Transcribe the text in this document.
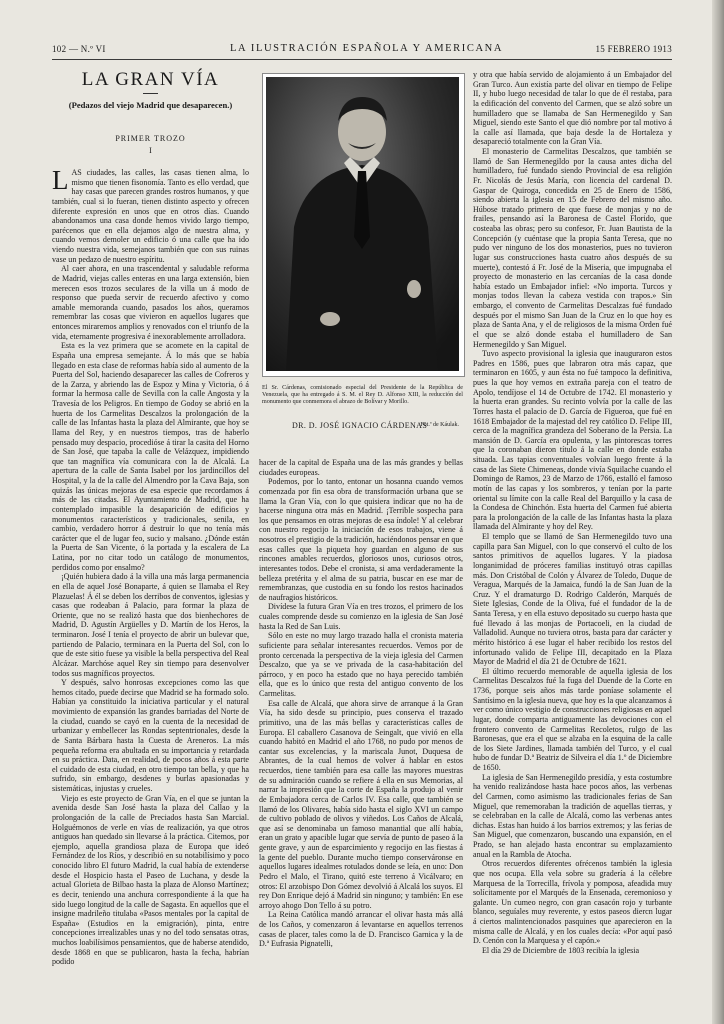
102 — N.º VI	LA ILUSTRACIÓN ESPAÑOLA Y AMERICANA	15 FEBRERO 1913
LA GRAN VÍA
(Pedazos del viejo Madrid que desaparecen.)
PRIMER TROZO
I

LAS ciudades, las calles, las casas tienen alma, lo mismo que tienen fisonomía. Tanto es ello verdad, que hay casas que parecen grandes rostros humanos, y que también, cual si lo fueran, tienen distinto aspecto y ofrecen diferente expresión en unos que en otros días. Cuando abandonamos una casa donde hemos vivido largo tiempo, parécenos que en ella dejamos algo de nuestra alma, y cuando vemos demoler un edificio ó una calle que ha ido viendo nuestra vida, semejanos también que con sus ruinas vase un pedazo de nuestro espíritu.

Al caer ahora, en una trascendental y saludable reforma de Madrid, viejas calles enteras en una larga extensión, bien merecen esos trozos seculares de la villa un á modo de responso que pueda servir de recuerdo afectivo y como amable memoranda cuando, pasados los años, queramos remembrar las cosas que vivieron en aquellos lugares que entonces miraremos amplios y renovados con el triunfo de la vida, eternamente progresiva é inexorablemente arrolladora.

Esta es la vez primera que se acomete en la capital de España una empresa semejante. Á lo más que se había llegado en esta clase de reformas había sido al aumento de la Puerta del Sol, haciendo desaparecer las calles de Cofreros y de la Zarza, y abriendo las de Espoz y Mina y Victoria, ó á formar la hermosa calle de Sevilla con la calle Angosta y la Travesía de los Peligros. En tiempo de Godoy se abrió en la huerta de los Carmelitas Descalzos la prolongación de la calle de las Infantas hasta la plaza del Almirante, que hoy se llama del Rey, y en nuestros tiempos, tras de haberlo pensado muy despacio, procedióse á tirar la casita del Horno de San José, que tapaba la calle de Velázquez, impidiendo que tan magnífica vía comunicara con la de Alcalá. La apertura de la calle de Santa Isabel por los jardincillos del Hospital, y la de la calle del Almendro por la Cava Baja, son quizás las únicas mejoras de esa especie que recordamos á más de las citadas. El Ayuntamiento de Madrid, que ha contemplado impasible la desaparición de edificios y monumentos característicos y tradicionales, senila, en cambio, verdadero horror á destruir lo que no tenía más carácter que el de lugar feo, sucio y malsano. ¿Dónde están la Puerta de San Vicente, ó la portada y la escalera de La Latina, por no citar todo un catálogo de monumentos, perdidos como por ensalmo?

¡Quién hubiera dado á la villa una más larga permanencia en ella de aquel José Bonaparte, á quien se llamaba el Rey Plazuelas! Á él se deben los derribos de conventos, iglesias y casas que rodeaban á Palacio, para formar la plaza de Oriente, que no se realizó hasta que dos bienhechores de Madrid, D. Agustín Argüelles y D. Martín de los Heros, la terminaron. José I tenía el proyecto de abrir un bulevar que, partiendo de Palacio, terminara en la Puerta del Sol, con lo que de este sitio fuese ya visible la bella perspectiva del Real Alcázar. Marchóse aquel Rey sin tiempo para desenvolver todos sus magníficos proyectos.

Y después, salvo honrosas excepciones como las que hemos citado, puede decirse que Madrid se ha formado solo. Habían ya constituido la iniciativa particular y el natural movimiento de expansión las grandes barriadas del Norte de la ciudad, cuando se cayó en la cuenta de la necesidad de urbanizar y embellecer las Rondas septentrionales, desde la de Santa Bárbara hasta la Cuesta de Areneros. La más pequeña reforma era abultada en su importancia y retardada en su práctica. Data, en realidad, de pocos años á esta parte el cuidado de esta ciudad, en otro tiempo tan bella, y que ha sufrido, sin embargo, desdenes y burlas apasionadas y sistemáticas, injustas y crueles.

Viejo es este proyecto de Gran Vía, en el que se juntan la avenida desde San José hasta la plaza del Callao y la prolongación de la calle de Preciados hasta San Marcial. Holguémonos de verle en vías de realización, ya que otros antiguos han quedado sin llevarse á la práctica. Citemos, por ejemplo, aquella grandiosa plaza de Europa que ideó Fernández de los Ríos, y describió en su notabilísimo y poco conocido libro El futuro Madrid, la cual había de extenderse desde el Hospicio hasta el Paseo de Luchana, y desde la actual Glorieta de Bilbao hasta la plaza de Alonso Martínez; es decir, teniendo una anchura correspondiente á la que ha sido luego longitud de la calle de Sagasta. En aquellos que el insigne madrileño titulaba «Pasos mentales por la capital de España» (Estudios en la emigración), pinta, entre concepciones irrealizables unas y no del todo sensatas otras, muchos loabilísimos pensamientos, que de haberse atendido, desde 1868 en que se publicaron, hasta la fecha, habrían podido

El Sr. Cárdenas, comisionado especial del Presidente de la República de Venezuela, que ha entregado á S. M. el Rey D. Alfonso XIII, la reducción del monumento que conmemora el abrazo de Bolívar y Morillo.
DR. D. JOSÉ IGNACIO CÁRDENAS
Fot.ª de Káulak.

hacer de la capital de España una de las más grandes y bellas ciudades europeas.

Podemos, por lo tanto, entonar un hosanna cuando vemos comenzada por fin esa obra de transformación urbana que se llama la Gran Vía, con lo que quisiera indicar que no ha de hacerse ninguna otra más en Madrid. ¡Terrible sospecha para los que pensamos en otras mejoras de esa índole! Y al celebrar con nuestro regocijo la iniciación de esos trabajos, viene á nosotros el prestigio de la tradición, haciéndonos pensar en que esas calles que la piqueta hoy guardan en alguno de sus rincones amables recuerdos, gloriosos unos, curiosos otros, interesantes todos. Debe el cronista, si ama verdaderamente la belleza pretérita y el alma de su patria, buscar en ese mar de remembranzas, que custodia en su fondo los restos hacinados de naufragios históricos.

Divídese la futura Gran Vía en tres trozos, el primero de los cuales comprende desde su comienzo en la iglesia de San José hasta la Red de San Luis.

Sólo en este no muy largo trazado halla el cronista materia suficiente para señalar interesantes recuerdos. Vemos por de pronto cercenada la perspectiva de la vieja iglesia del Carmen Descalzo, que ya se ve privada de la casa-habitación del párroco, y en poco ha estado que no haya perecido también ella, que es lo único que resta del antiguo convento de los Carmelitas.

Esa calle de Alcalá, que ahora sirve de arranque á la Gran Vía, ha sido desde su principio, pues conserva el trazado primitivo, una de las más bellas y características calles de Europa. El caballero Casanova de Seingalt, que vivió en ella cuando habitó en Madrid el año 1768, no pudo por menos de cantar sus excelencias, y la mariscala Junot, Duquesa de Abrantes, de la cual hemos de volver á hablar en estos recuerdos, tiene también para esa calle las mayores muestras de su admiración cuando se refiere á ella en sus Memorias, al narrar la impresión que la corte de España la produjo al venir de Embajadora cerca de Carlos IV. Esa calle, que también se llamó de los Olivares, había sido hasta el siglo XVI un campo de cultivo poblado de olivos y viñedos. Los Caños de Alcalá, que así se denominaba un famoso manantial que allí había, eran un grato y apacible lugar que servía de punto de paseo á la gente grave, y aun de esparcimiento y regocijo en las fiestas á la gente del pueblo. Durante mucho tiempo conserváronse en aquellos lugares idealmes rotulados donde se leía, en uno: Don Pedro el Malo, el Tirano, quitó este terreno á Vicálvaro; en otros: El arzobispo Don Gómez devolvió á Alcalá los suyos. El rey Don Enrique dejó á Madrid sin ninguno; y también: En ese arroyo ahogo Don Tello á su potro.

La Reina Católica mandó arrancar el olivar hasta más allá de los Caños, y comenzaron á levantarse en aquellos terrenos casas de placer, tales como la de D. Francisco Garnica y la de D.ª Eufrasia Pignatelli,

y otra que había servido de alojamiento á un Embajador del Gran Turco. Aun existía parte del olivar en tiempo de Felipe II, y hubo luego necesidad de talar lo que de él restaba, para la edificación del convento del Carmen, que se alzó sobre un humilladero que se llamaba de San Hermenegildo y San Miguel, siendo este Santo el que dió nombre por tal motivo á la calle así llamada, que baja desde la de Hortaleza y desapareció totalmente con la Gran Vía.

El monasterio de Carmelitas Descalzos, que también se llamó de San Hermenegildo por la causa antes dicha del humilladero, fué fundado siendo Provincial de esa religión Fr. Nicolás de Jesús María, con licencia del cardenal D. Gaspar de Quiroga, concedida en 25 de Enero de 1586, siendo abierta la iglesia en 15 de Febrero del mismo año. Húbose tratado primero de que fuese de monjas y no de frailes, pensando así la Baronesa de Castel Florido, que costeaba las obras; pero su confesor, Fr. Juan Bautista de la Concepción (y cuéntase que la propia Santa Teresa, que no pudo ver ninguno de los dos monasterios, pues no tuvieron lugar sus construcciones hasta cuatro años después de su muerte), contestó á Fr. José de la Miseria, que impugnaba el proyecto de monasterio en las cercanías de la casa donde había estado un Embajador infiel: «No importa. Turcos y monjas todos llevan la cabeza vestida con trapos.» Sin embargo, el convento de Carmelitas Descalzas fué fundado después por el mismo San Juan de la Cruz en lo que hoy es plaza de Santa Ana, y el de religiosos de la misma Orden fué el que se alzó donde estaba el humilladero de San Hermenegildo y San Miguel.

Tuvo aspecto provisional la iglesia que inauguraron estos Padres en 1586, pues que labraron otra más capaz, que terminaron en 1605, y aun ésta no fué tampoco la definitiva, pues la que hoy vemos en extraña pareja con el teatro de Apolo, tendíjose el 14 de Octubre de 1742. El monasterio y la huerta eran grandes. Su recinto volvía por la calle de las Torres hasta el palacio de D. García de Figueroa, que fué en 1618 Embajador de la majestad del rey católico D. Felipe III, cerca de la magnífica grandeza del Soberano de la Persia. La mansión de D. García era opulenta, y las pintorescas torres que la coronaban dieron título á la calle en donde estaba situada. Las tapias conventuales volvían luego frente á la casa de las Siete Chimeneas, donde vivía Squilache cuando el Domingo de Ramos, 23 de Marzo de 1766, estalló el famoso motín de las capas y los sombreros, y tenían por la parte oriental su límite con la calle Real del Barquillo y la casa de la Condesa de Chinchón. Esta huerta del Carmen fué abierta para la prolongación de la calle de las Infantas hasta la plaza llamada del Almirante y hoy del Rey.

El templo que se llamó de San Hermenegildo tuvo una capilla para San Miguel, con lo que conservó el culto de los santos primitivos de aquellos lugares. Y la piadosa longanimidad de próceres familias instituyó otras capillas más. Don Cristóbal de Colón y Álvarez de Toledo, Duque de Veragua, Marqués de la Jamaica, fundó la de San Juan de la Cruz. Y el dramaturgo D. Rodrigo Calderón, Marqués de Siete Iglesias, Conde de la Oliva, fué el fundador de la de Santa Teresa, y en ella estuvo depositado su cuerpo hasta que fué llevado á las monjas de Portacoeli, en la ciudad de Valladolid. Aunque no tuviera otros, basta para dar carácter y mérito histórico á ese lugar el haber recibido los restos del infortunado valido de Felipe III, decapitado en la Plaza Mayor de Madrid el día 21 de Octubre de 1621.

El último recuerdo memorable de aquella iglesia de los Carmelitas Descalzos fué la fuga del Duende de la Corte en 1736, porque seis años más tarde poníase solamente el Santísimo en la iglesia nueva, que hoy es la que alcanzamos á ver como único vestigio de construcciones religiosas en aquel lugar, donde comparta antiguamente las devociones con el frontero convento de Carmelitas Recoletos, rulgo de las Baronesas, que era el que se alzaba en la esquina de la calle de los Siete Jardines, llamada también del Turco, y el cual hubo de fundar D.ª Beatriz de Silveira el día 1.º de Diciembre de 1650.

La iglesia de San Hermenegildo presidía, y esta costumbre ha venido realizándose hasta hace pocos años, las verbenas del Carmen, como asimismo las tradicionales ferias de San Miguel, que rememoraban la tradición de aquellas tierras, y se celebraban en la calle de Alcalá, como las verbenas antes dichas. Estas han huido á los barrios extremos; y las ferias de San Miguel, que comenzaron, buscando una expansión, en el Prado, se han alejado hasta encontrar su emplazamiento anual en la Rambla de Atocha.

Otros recuerdos diferentes ofrécenos también la iglesia que nos ocupa. Ella vela sobre su gradería á la célebre Marquesa de la Torrecilla, frívola y pomposa, afeadida muy solícitamente por el Marqués de la Ensenada, ceremonioso y galante. Un cumeo negro, con gran casacón rojo y turbante blanco, seguíales muy reverente, y estos paseos diercn lugar á ciertos malintencionados pasquines que aparecieron en la misma calle de Alcalá, y en los cuales decía: «Por aquí pasó D. Cenón con la Marquesa y el capón.»

El día 29 de Diciembre de 1803 recibía la iglesia
